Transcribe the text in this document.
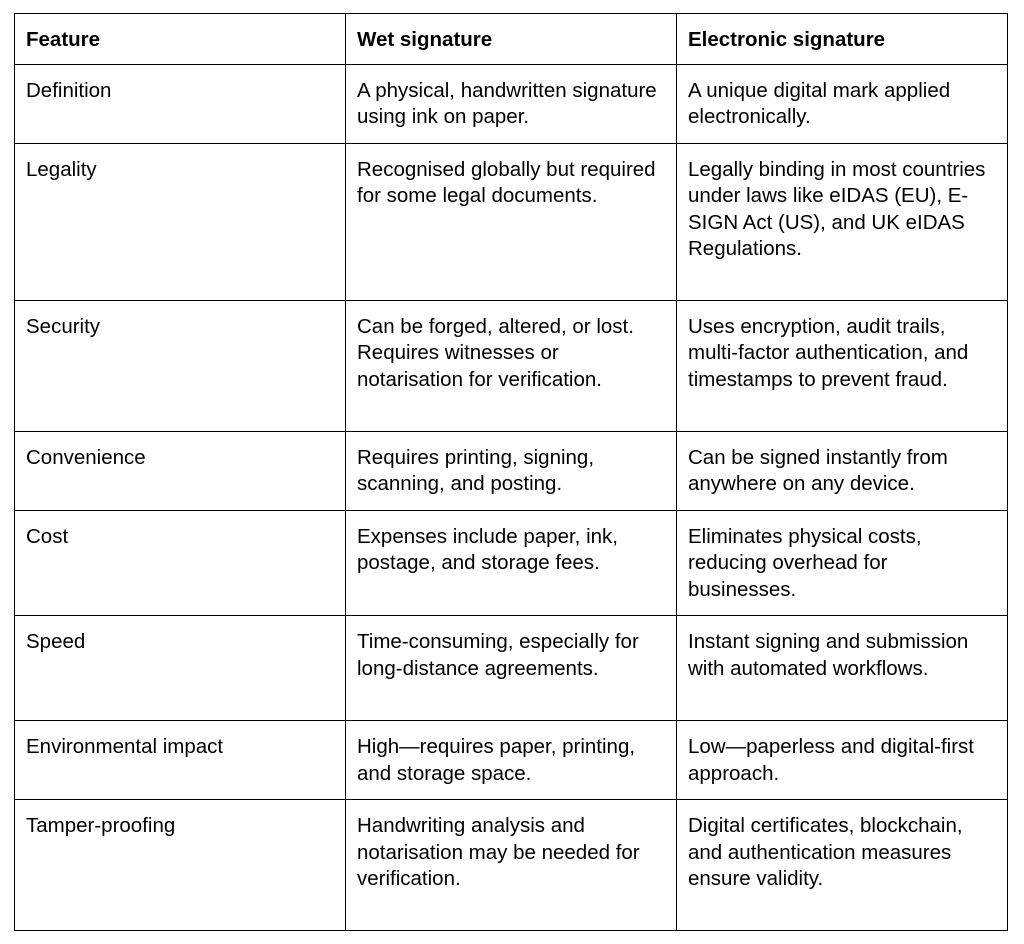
Feature	Wet signature	Electronic signature
Definition	A physical, handwritten signature using ink on paper.	A unique digital mark applied electronically.
Legality	Recognised globally but required for some legal documents.	Legally binding in most countries under laws like eIDAS (EU), E-SIGN Act (US), and UK eIDAS Regulations.
Security	Can be forged, altered, or lost. Requires witnesses or notarisation for verification.	Uses encryption, audit trails, multi-factor authentication, and timestamps to prevent fraud.
Convenience	Requires printing, signing, scanning, and posting.	Can be signed instantly from anywhere on any device.
Cost	Expenses include paper, ink, postage, and storage fees.	Eliminates physical costs, reducing overhead for businesses.
Speed	Time-consuming, especially for long-distance agreements.	Instant signing and submission with automated workflows.
Environmental impact	High—requires paper, printing, and storage space.	Low—paperless and digital-first approach.
Tamper-proofing	Handwriting analysis and notarisation may be needed for verification.	Digital certificates, blockchain, and authentication measures ensure validity.
